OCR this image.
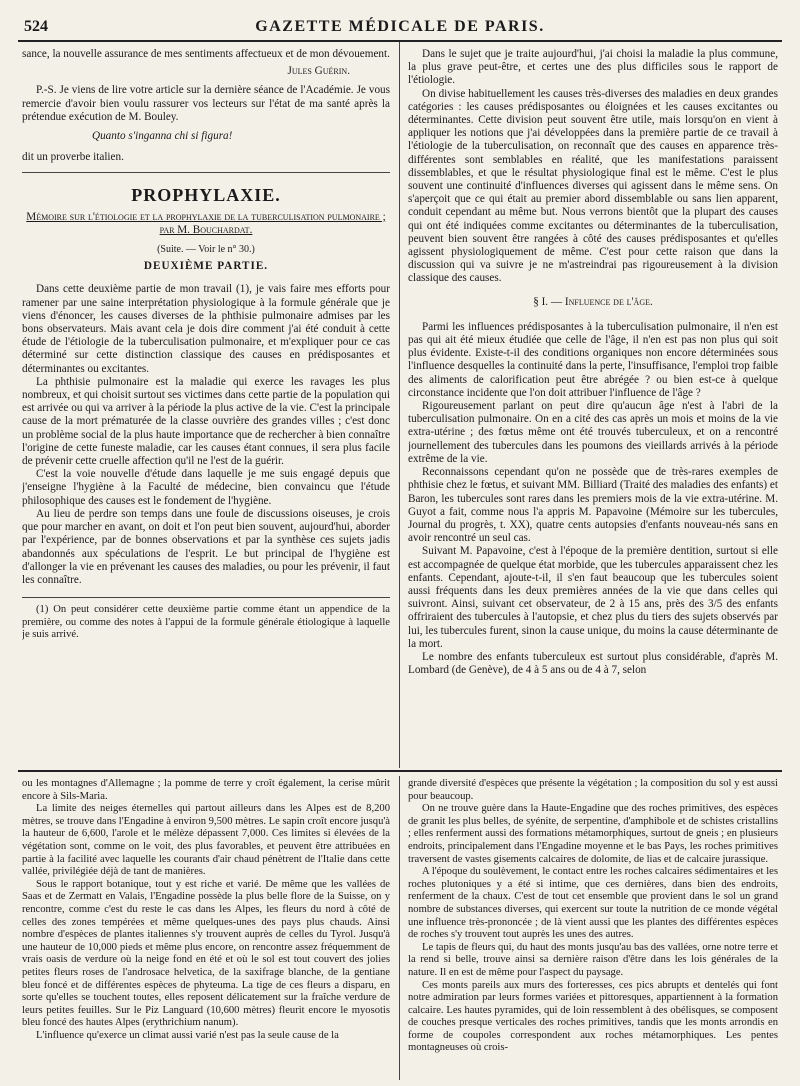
524	GAZETTE MÉDICALE DE PARIS.

sance, la nouvelle assurance de mes sentiments affectueux et de mon dévouement.

Jules Guérin.

P.-S. Je viens de lire votre article sur la dernière séance de l'Académie. Je vous remercie d'avoir bien voulu rassurer vos lecteurs sur l'état de ma santé après la prétendue exécution de M. Bouley.

Quanto s'inganna chi si figura!

dit un proverbe italien.

PROPHYLAXIE.

Mémoire sur l'étiologie et la prophylaxie de la tuberculisation pulmonaire ; par M. Bouchardat.

(Suite. — Voir le n° 30.)

DEUXIÈME PARTIE.

Dans cette deuxième partie de mon travail (1), je vais faire mes efforts pour ramener par une saine interprétation physiologique à la formule générale que je viens d'énoncer, les causes diverses de la phthisie pulmonaire admises par les bons observateurs. Mais avant cela je dois dire comment j'ai été conduit à cette étude de l'étiologie de la tuberculisation pulmonaire, et m'expliquer pour ce cas déterminé sur cette distinction classique des causes en prédisposantes et déterminantes ou excitantes.

La phthisie pulmonaire est la maladie qui exerce les ravages les plus nombreux, et qui choisit surtout ses victimes dans cette partie de la population qui est arrivée ou qui va arriver à la période la plus active de la vie. C'est la principale cause de la mort prématurée de la classe ouvrière des grandes villes ; c'est donc un problème social de la plus haute importance que de rechercher à bien connaître l'origine de cette funeste maladie, car les causes étant connues, il sera plus facile de prévenir cette cruelle affection qu'il ne l'est de la guérir.

C'est la voie nouvelle d'étude dans laquelle je me suis engagé depuis que j'enseigne l'hygiène à la Faculté de médecine, bien convaincu que l'étude philosophique des causes est le fondement de l'hygiène.

Au lieu de perdre son temps dans une foule de discussions oiseuses, je crois que pour marcher en avant, on doit et l'on peut bien souvent, aujourd'hui, aborder par l'expérience, par de bonnes observations et par la synthèse ces sujets jadis abandonnés aux spéculations de l'esprit. Le but principal de l'hygiène est d'allonger la vie en prévenant les causes des maladies, ou pour les prévenir, il faut les connaître.

(1) On peut considérer cette deuxième partie comme étant un appendice de la première, ou comme des notes à l'appui de la formule générale étiologique à laquelle je suis arrivé.

Dans le sujet que je traite aujourd'hui, j'ai choisi la maladie la plus commune, la plus grave peut-être, et certes une des plus difficiles sous le rapport de l'étiologie.

On divise habituellement les causes très-diverses des maladies en deux grandes catégories : les causes prédisposantes ou éloignées et les causes excitantes ou déterminantes. Cette division peut souvent être utile, mais lorsqu'on en vient à appliquer les notions que j'ai développées dans la première partie de ce travail à l'étiologie de la tuberculisation, on reconnaît que des causes en apparence très-différentes sont semblables en réalité, que les manifestations paraissent dissemblables, et que le résultat physiologique final est le même. C'est le plus souvent une continuité d'influences diverses qui agissent dans le même sens. On s'aperçoit que ce qui était au premier abord dissemblable ou sans lien apparent, conduit cependant au même but. Nous verrons bientôt que la plupart des causes qui ont été indiquées comme excitantes ou déterminantes de la tuberculisation, peuvent bien souvent être rangées à côté des causes prédisposantes et qu'elles agissent physiologiquement de même. C'est pour cette raison que dans la discussion qui va suivre je ne m'astreindrai pas rigoureusement à la division classique des causes.

§ I. — Influence de l'âge.

Parmi les influences prédisposantes à la tuberculisation pulmonaire, il n'en est pas qui ait été mieux étudiée que celle de l'âge, il n'en est pas non plus qui soit plus évidente. Existe-t-il des conditions organiques non encore déterminées sous l'influence desquelles la continuité dans la perte, l'insuffisance, l'emploi trop faible des aliments de calorification peut être abrégée ? ou bien est-ce à quelque circonstance incidente que l'on doit attribuer l'influence de l'âge ?

Rigoureusement parlant on peut dire qu'aucun âge n'est à l'abri de la tuberculisation pulmonaire. On en a cité des cas après un mois et moins de la vie extra-utérine ; des fœtus même ont été trouvés tuberculeux, et on a rencontré journellement des tubercules dans les poumons des vieillards arrivés à la période extrême de la vie.

Reconnaissons cependant qu'on ne possède que de très-rares exemples de phthisie chez le fœtus, et suivant MM. Billiard (Traité des maladies des enfants) et Baron, les tubercules sont rares dans les premiers mois de la vie extra-utérine. M. Guyot a fait, comme nous l'a appris M. Papavoine (Mémoire sur les tubercules, Journal du progrès, t. XX), quatre cents autopsies d'enfants nouveau-nés sans en avoir rencontré un seul cas.

Suivant M. Papavoine, c'est à l'époque de la première dentition, surtout si elle est accompagnée de quelque état morbide, que les tubercules apparaissent chez les enfants. Cependant, ajoute-t-il, il s'en faut beaucoup que les tubercules soient aussi fréquents dans les deux premières années de la vie que dans celles qui suivront. Ainsi, suivant cet observateur, de 2 à 15 ans, près des 3/5 des enfants offriraient des tubercules à l'autopsie, et chez plus du tiers des sujets observés par lui, les tubercules furent, sinon la cause unique, du moins la cause déterminante de la mort.

Le nombre des enfants tuberculeux est surtout plus considérable, d'après M. Lombard (de Genève), de 4 à 5 ans ou de 4 à 7, selon

ou les montagnes d'Allemagne ; la pomme de terre y croît également, la cerise mûrit encore à Sils-Maria.

La limite des neiges éternelles qui partout ailleurs dans les Alpes est de 8,200 mètres, se trouve dans l'Engadine à environ 9,500 mètres. Le sapin croît encore jusqu'à la hauteur de 6,600, l'arole et le mélèze dépassent 7,000. Ces limites si élevées de la végétation sont, comme on le voit, des plus favorables, et peuvent être attribuées en partie à la facilité avec laquelle les courants d'air chaud pénètrent de l'Italie dans cette vallée, privilégiée déjà de tant de manières.

Sous le rapport botanique, tout y est riche et varié. De même que les vallées de Saas et de Zermatt en Valais, l'Engadine possède la plus belle flore de la Suisse, on y rencontre, comme c'est du reste le cas dans les Alpes, les fleurs du nord à côté de celles des zones tempérées et même quelques-unes des pays plus chauds. Ainsi nombre d'espèces de plantes italiennes s'y trouvent auprès de celles du Tyrol. Jusqu'à une hauteur de 10,000 pieds et même plus encore, on rencontre assez fréquemment de vrais oasis de verdure où la neige fond en été et où le sol est tout couvert des jolies petites fleurs roses de l'androsace helvetica, de la saxifrage blanche, de la gentiane bleu foncé et de différentes espèces de phyteuma. La tige de ces fleurs a disparu, en sorte qu'elles se touchent toutes, elles reposent délicatement sur la fraîche verdure de leurs petites feuilles. Sur le Piz Languard (10,600 mètres) fleurit encore le myosotis bleu foncé des hautes Alpes (erythrichium nanum).

L'influence qu'exerce un climat aussi varié n'est pas la seule cause de la

grande diversité d'espèces que présente la végétation ; la composition du sol y est aussi pour beaucoup.

On ne trouve guère dans la Haute-Engadine que des roches primitives, des espèces de granit les plus belles, de syénite, de serpentine, d'amphibole et de schistes cristallins ; elles renferment aussi des formations métamorphiques, surtout de gneis ; en plusieurs endroits, principalement dans l'Engadine moyenne et le bas Pays, les roches primitives traversent de vastes gisements calcaires de dolomite, de lias et de calcaire jurassique.

A l'époque du soulèvement, le contact entre les roches calcaires sédimentaires et les roches plutoniques y a été si intime, que ces dernières, dans bien des endroits, renferment de la chaux. C'est de tout cet ensemble que provient dans le sol un grand nombre de substances diverses, qui exercent sur toute la nutrition de ce monde végétal une influence très-prononcée ; de là vient aussi que les plantes des différentes espèces de roches s'y trouvent tout auprès les unes des autres.

Le tapis de fleurs qui, du haut des monts jusqu'au bas des vallées, orne notre terre et la rend si belle, trouve ainsi sa dernière raison d'être dans les lois générales de la nature. Il en est de même pour l'aspect du paysage.

Ces monts pareils aux murs des forteresses, ces pics abrupts et dentelés qui font notre admiration par leurs formes variées et pittoresques, appartiennent à la formation calcaire. Les hautes pyramides, qui de loin ressemblent à des obélisques, se composent de couches presque verticales des roches primitives, tandis que les monts arrondis en forme de coupoles correspondent aux roches métamorphiques. Les pentes montagneuses où crois-
